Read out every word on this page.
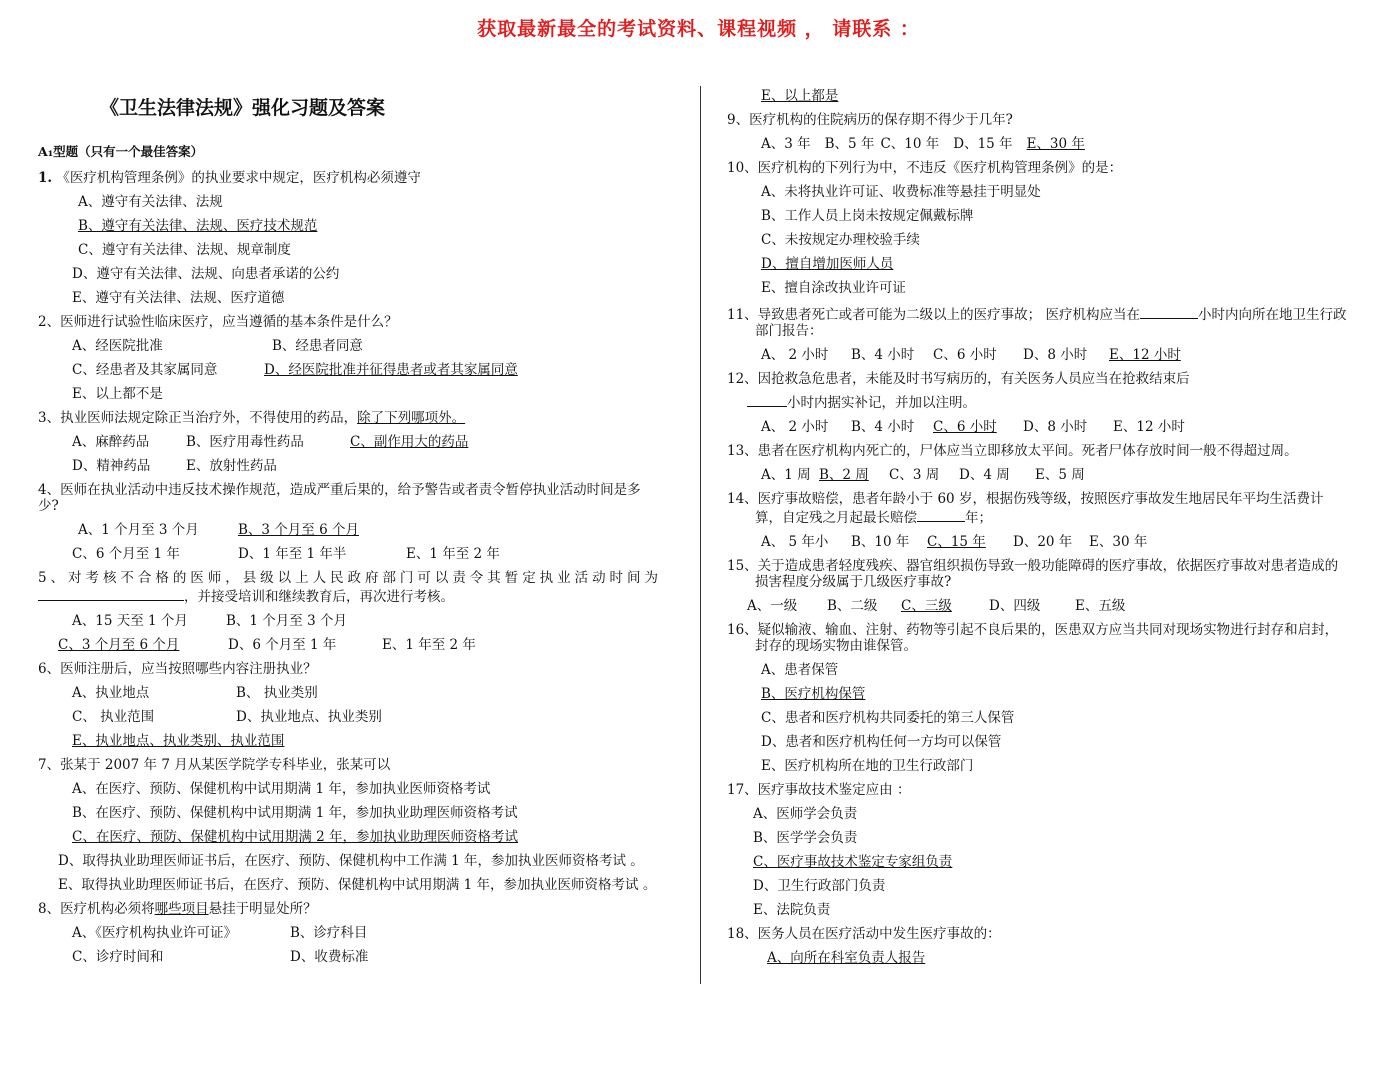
获取最新最全的考试资料、课程视频 ， 请联系 ：
《卫生法律法规》强化习题及答案
A₁型题（只有一个最佳答案）
1. 《医疗机构管理条例》的执业要求中规定，医疗机构必须遵守
A、遵守有关法律、法规
B、遵守有关法律、法规、医疗技术规范
C、遵守有关法律、法规、规章制度
D、遵守有关法律、法规、向患者承诺的公约
E、遵守有关法律、法规、医疗道德
2、医师进行试验性临床医疗，应当遵循的基本条件是什么？
A、经医院批准	B、经患者同意
C、经患者及其家属同意	D、经医院批准并征得患者或者其家属同意
E、以上都不是
3、执业医师法规定除正当治疗外，不得使用的药品，除了下列哪项外。
A、麻醉药品	B、医疗用毒性药品	C、副作用大的药品
D、精神药品	E、放射性药品
4、医师在执业活动中违反技术操作规范，造成严重后果的，给予警告或者责令暂停执业活动时间是多少?
A、1 个月至 3 个月	B、3 个月至 6 个月
C、6 个月至 1 年	D、1 年至 1 年半	E、1 年至 2 年
5、对考核不合格的医师，县级以上人民政府部门可以责令其暂定执业活动时间为
，并接受培训和继续教育后，再次进行考核。
A、15 天至 1 个月	B、1 个月至 3 个月
C、3 个月至 6 个月	D、6 个月至 1 年	E、1 年至 2 年
6、医师注册后，应当按照哪些内容注册执业？
A、执业地点	B、 执业类别
C、 执业范围	D、执业地点、执业类别
E、执业地点、执业类别、执业范围
7、张某于 2007 年 7 月从某医学院学专科毕业，张某可以
A、在医疗、预防、保健机构中试用期满 1 年，参加执业医师资格考试
B、在医疗、预防、保健机构中试用期满 1 年，参加执业助理医师资格考试
C、在医疗、预防、保健机构中试用期满 2 年，参加执业助理医师资格考试
D、取得执业助理医师证书后，在医疗、预防、保健机构中工作满 1 年，参加执业医师资格考试 。
E、取得执业助理医师证书后，在医疗、预防、保健机构中试用期满 1 年，参加执业医师资格考试 。
8、医疗机构必须将哪些项目悬挂于明显处所？
A、《医疗机构执业许可证》	B、诊疗科目
C、诊疗时间和	D、收费标准
E、以上都是
9、医疗机构的住院病历的保存期不得少于几年?
A、3 年 B、5 年 C、10 年 D、15 年 E、30 年
10、医疗机构的下列行为中，不违反《医疗机构管理条例》的是：
A、未将执业许可证、收费标准等悬挂于明显处
B、工作人员上岗未按规定佩戴标牌
C、未按规定办理校验手续
D、擅自增加医师人员
E、擅自涂改执业许可证
11、导致患者死亡或者可能为二级以上的医疗事故； 医疗机构应当在	小时内向所在地卫生行政部门报告：
A、 2 小时 B、4 小时 C、6 小时 D、8 小时 E、12 小时
12、因抢救急危患者，未能及时书写病历的，有关医务人员应当在抢救结束后
小时内据实补记，并加以注明。
A、 2 小时 B、4 小时 C、6 小时 D、8 小时 E、12 小时
13、患者在医疗机构内死亡的，尸体应当立即移放太平间。死者尸体存放时间一般不得超过周。
A、1 周 B、2 周 C、3 周 D、4 周 E、5 周
14、医疗事故赔偿，患者年龄小于 60 岁，根据伤残等级，按照医疗事故发生地居民年平均生活费计算，自定残之月起最长赔偿	年；
A、 5 年小 B、10 年 C、15 年 D、20 年 E、30 年
15、关于造成患者轻度残疾、器官组织损伤导致一般功能障碍的医疗事故，依据医疗事故对患者造成的损害程度分级属于几级医疗事故?
A、一级 B、二级 C、三级	D、四级	E、五级
16、疑似输液、输血、注射、药物等引起不良后果的，医患双方应当共同对现场实物进行封存和启封，封存的现场实物由谁保管。
A、患者保管
B、医疗机构保管
C、患者和医疗机构共同委托的第三人保管
D、患者和医疗机构任何一方均可以保管
E、医疗机构所在地的卫生行政部门
17、医疗事故技术鉴定应由 ：
A、医师学会负责
B、医学学会负责
C、医疗事故技术鉴定专家组负责
D、卫生行政部门负责
E、法院负责
18、医务人员在医疗活动中发生医疗事故的：
A、向所在科室负责人报告
